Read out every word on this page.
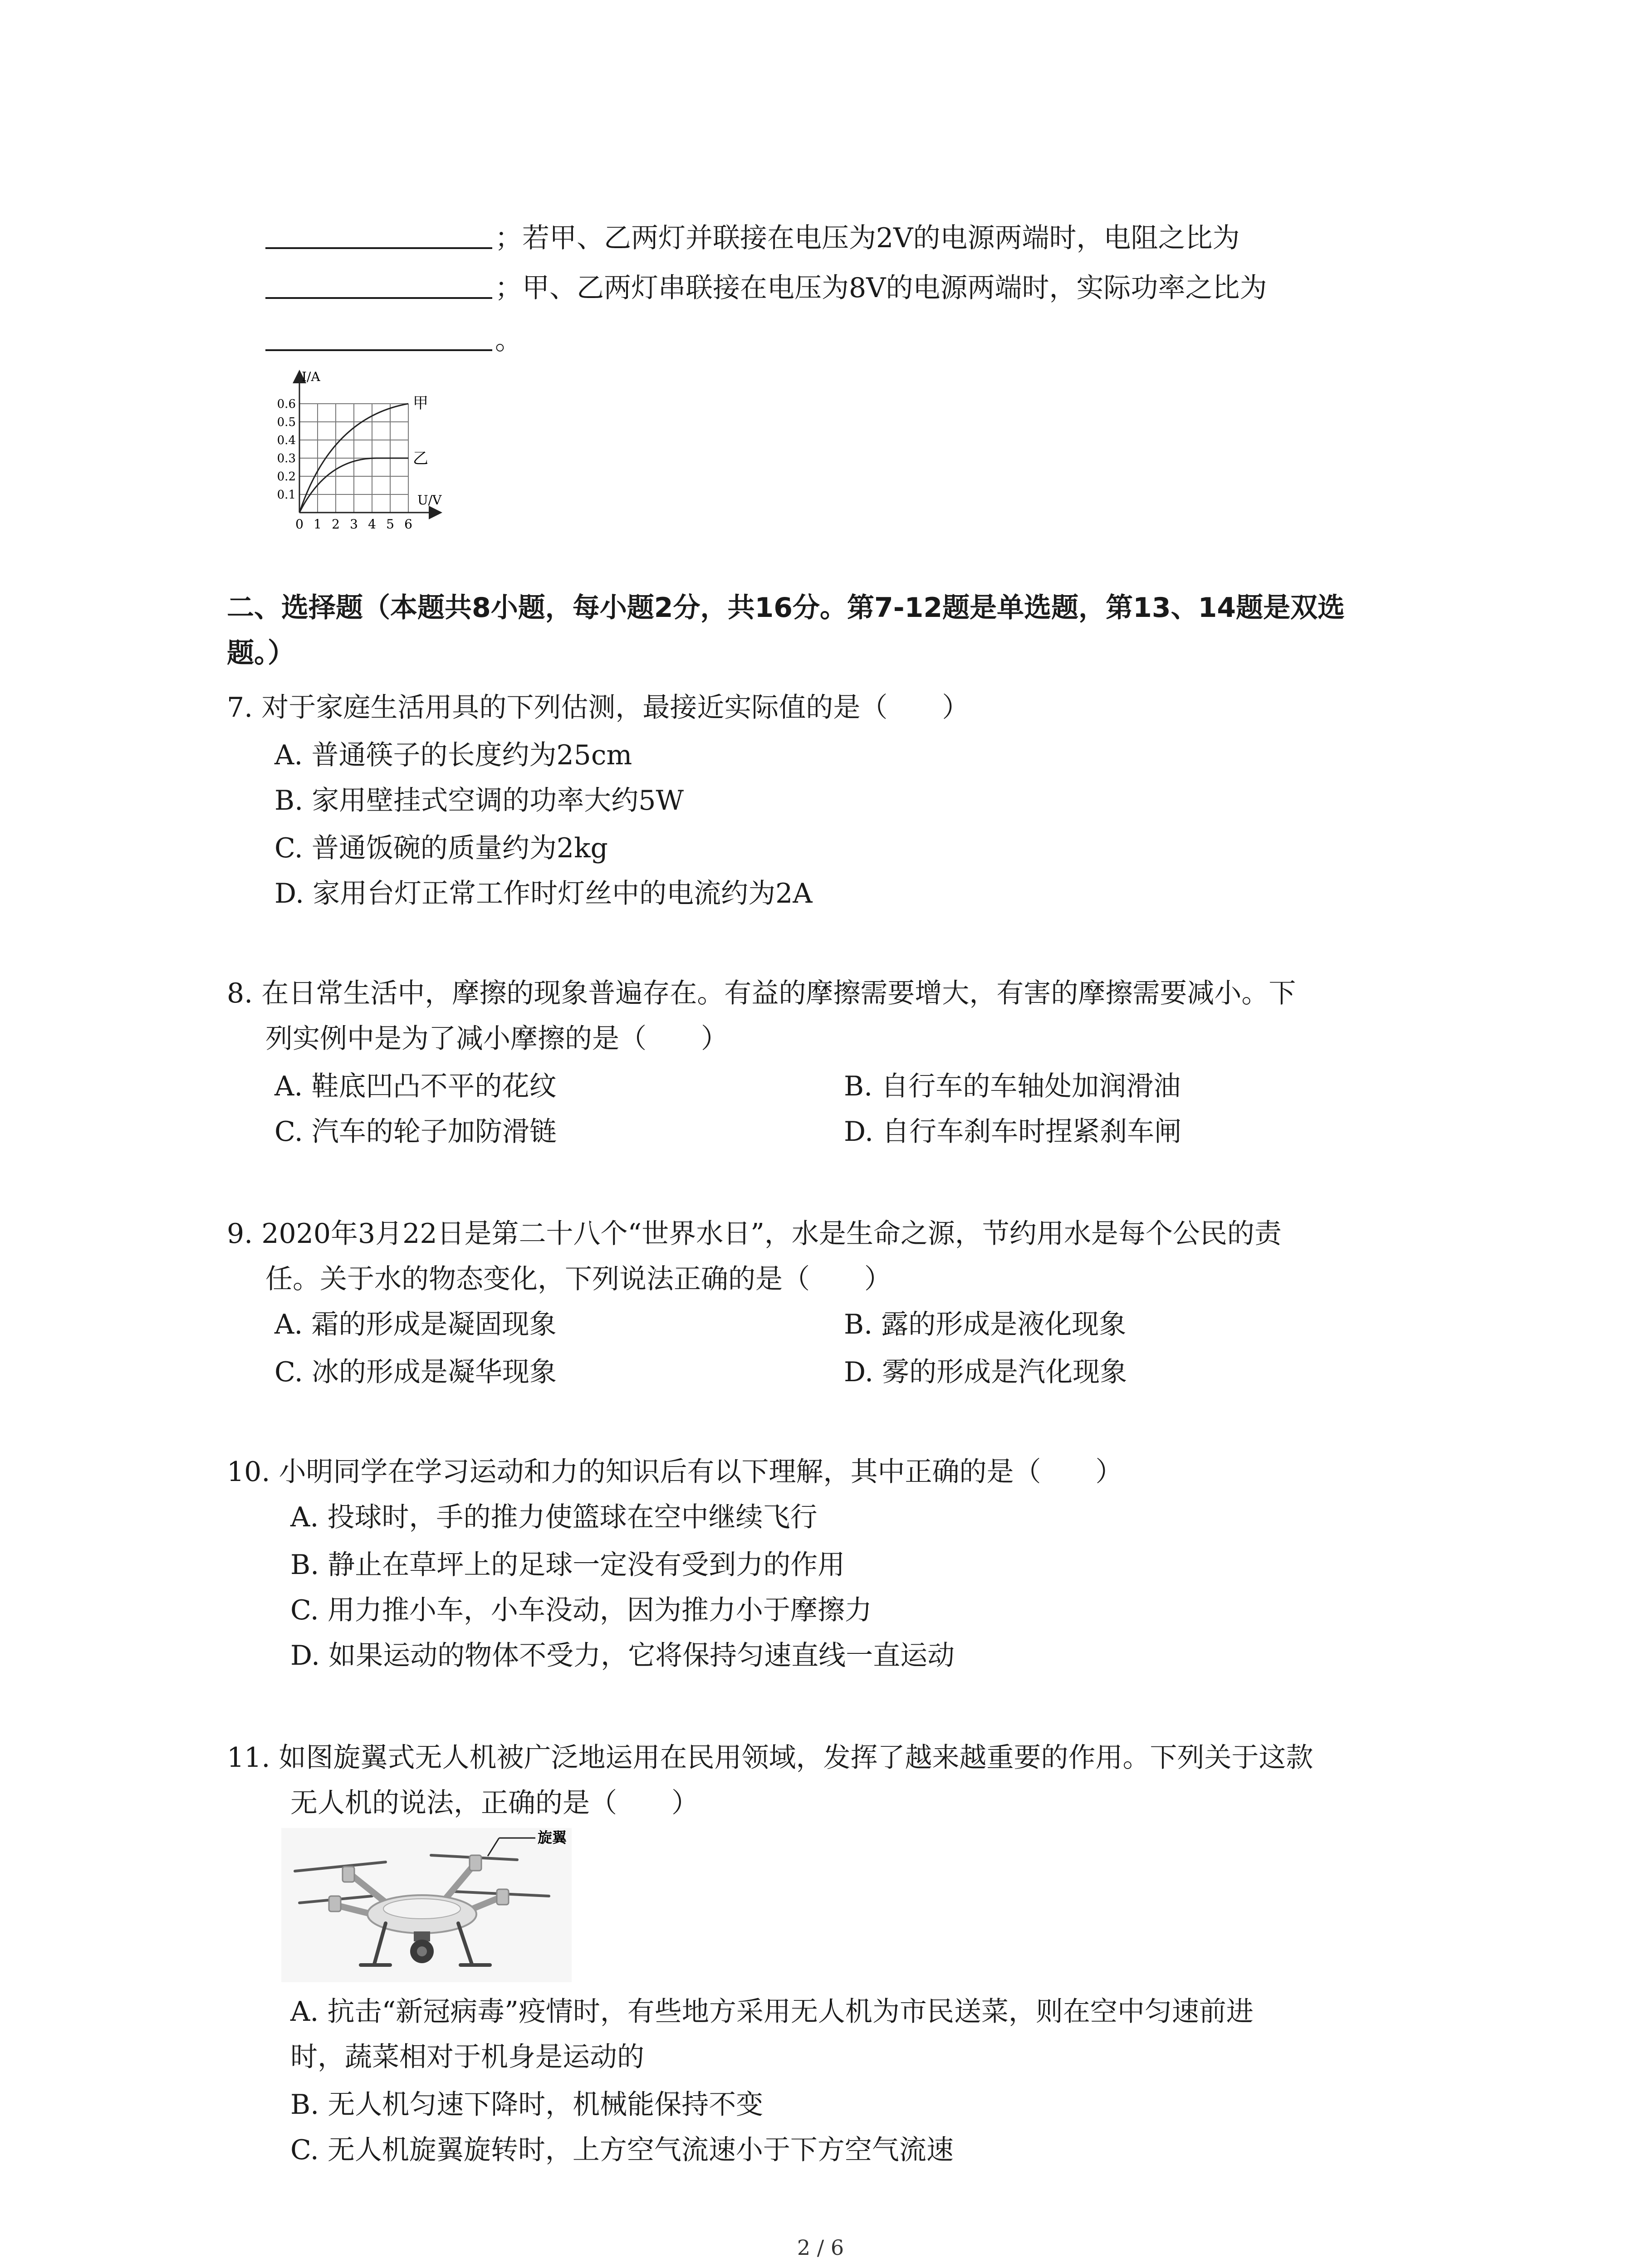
；若甲、乙两灯并联接在电压为2V的电源两端时，电阻之比为
；甲、乙两灯串联接在电压为8V的电源两端时，实际功率之比为
。
I/A
U/V
甲
乙
0.6
0.5
0.4
0.3
0.2
0.1
0 1 2 3 4 5 6
二、选择题（本题共8小题，每小题2分，共16分。第7-12题是单选题，第13、14题是双选
题。）
7. 对于家庭生活用具的下列估测，最接近实际值的是（　　）
A. 普通筷子的长度约为25cm
B. 家用壁挂式空调的功率大约5W
C. 普通饭碗的质量约为2kg
D. 家用台灯正常工作时灯丝中的电流约为2A
8. 在日常生活中，摩擦的现象普遍存在。有益的摩擦需要增大，有害的摩擦需要减小。下
列实例中是为了减小摩擦的是（　　）
A. 鞋底凹凸不平的花纹	B. 自行车的车轴处加润滑油
C. 汽车的轮子加防滑链	D. 自行车刹车时捏紧刹车闸
9. 2020年3月22日是第二十八个“世界水日”，水是生命之源，节约用水是每个公民的责
任。关于水的物态变化，下列说法正确的是（　　）
A. 霜的形成是凝固现象	B. 露的形成是液化现象
C. 冰的形成是凝华现象	D. 雾的形成是汽化现象
10. 小明同学在学习运动和力的知识后有以下理解，其中正确的是（　　）
A. 投球时，手的推力使篮球在空中继续飞行
B. 静止在草坪上的足球一定没有受到力的作用
C. 用力推小车，小车没动，因为推力小于摩擦力
D. 如果运动的物体不受力，它将保持匀速直线一直运动
11. 如图旋翼式无人机被广泛地运用在民用领域，发挥了越来越重要的作用。下列关于这款
无人机的说法，正确的是（　　）
旋翼
A. 抗击“新冠病毒”疫情时，有些地方采用无人机为市民送菜，则在空中匀速前进
时，蔬菜相对于机身是运动的
B. 无人机匀速下降时，机械能保持不变
C. 无人机旋翼旋转时，上方空气流速小于下方空气流速
2 / 6
